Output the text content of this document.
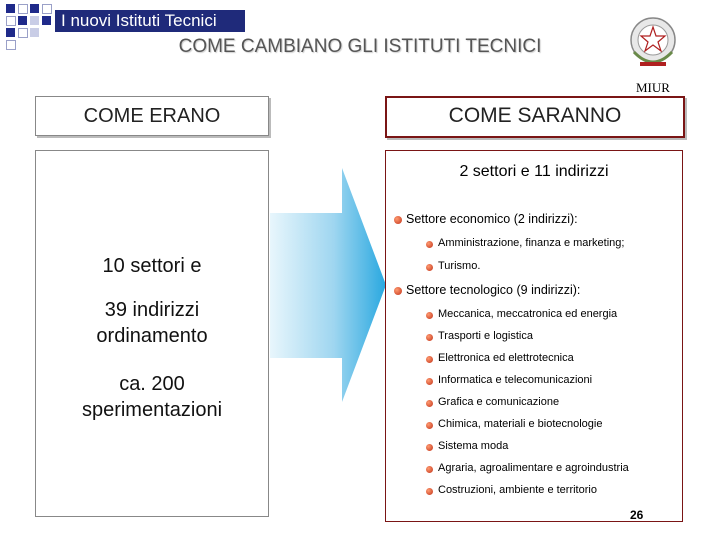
I nuovi Istituti Tecnici
COME CAMBIANO GLI ISTITUTI TECNICI
MIUR
COME ERANO	COME SARANNO
10 settori e
39 indirizzi
ordinamento
ca. 200
sperimentazioni
2 settori e 11 indirizzi
Settore economico (2 indirizzi):
Amministrazione, finanza e marketing;
Turismo.
Settore tecnologico (9 indirizzi):
Meccanica, meccatronica ed energia
Trasporti e logistica
Elettronica ed elettrotecnica
Informatica e telecomunicazioni
Grafica e comunicazione
Chimica, materiali e biotecnologie
Sistema moda
Agraria, agroalimentare e agroindustria
Costruzioni, ambiente e territorio
26
